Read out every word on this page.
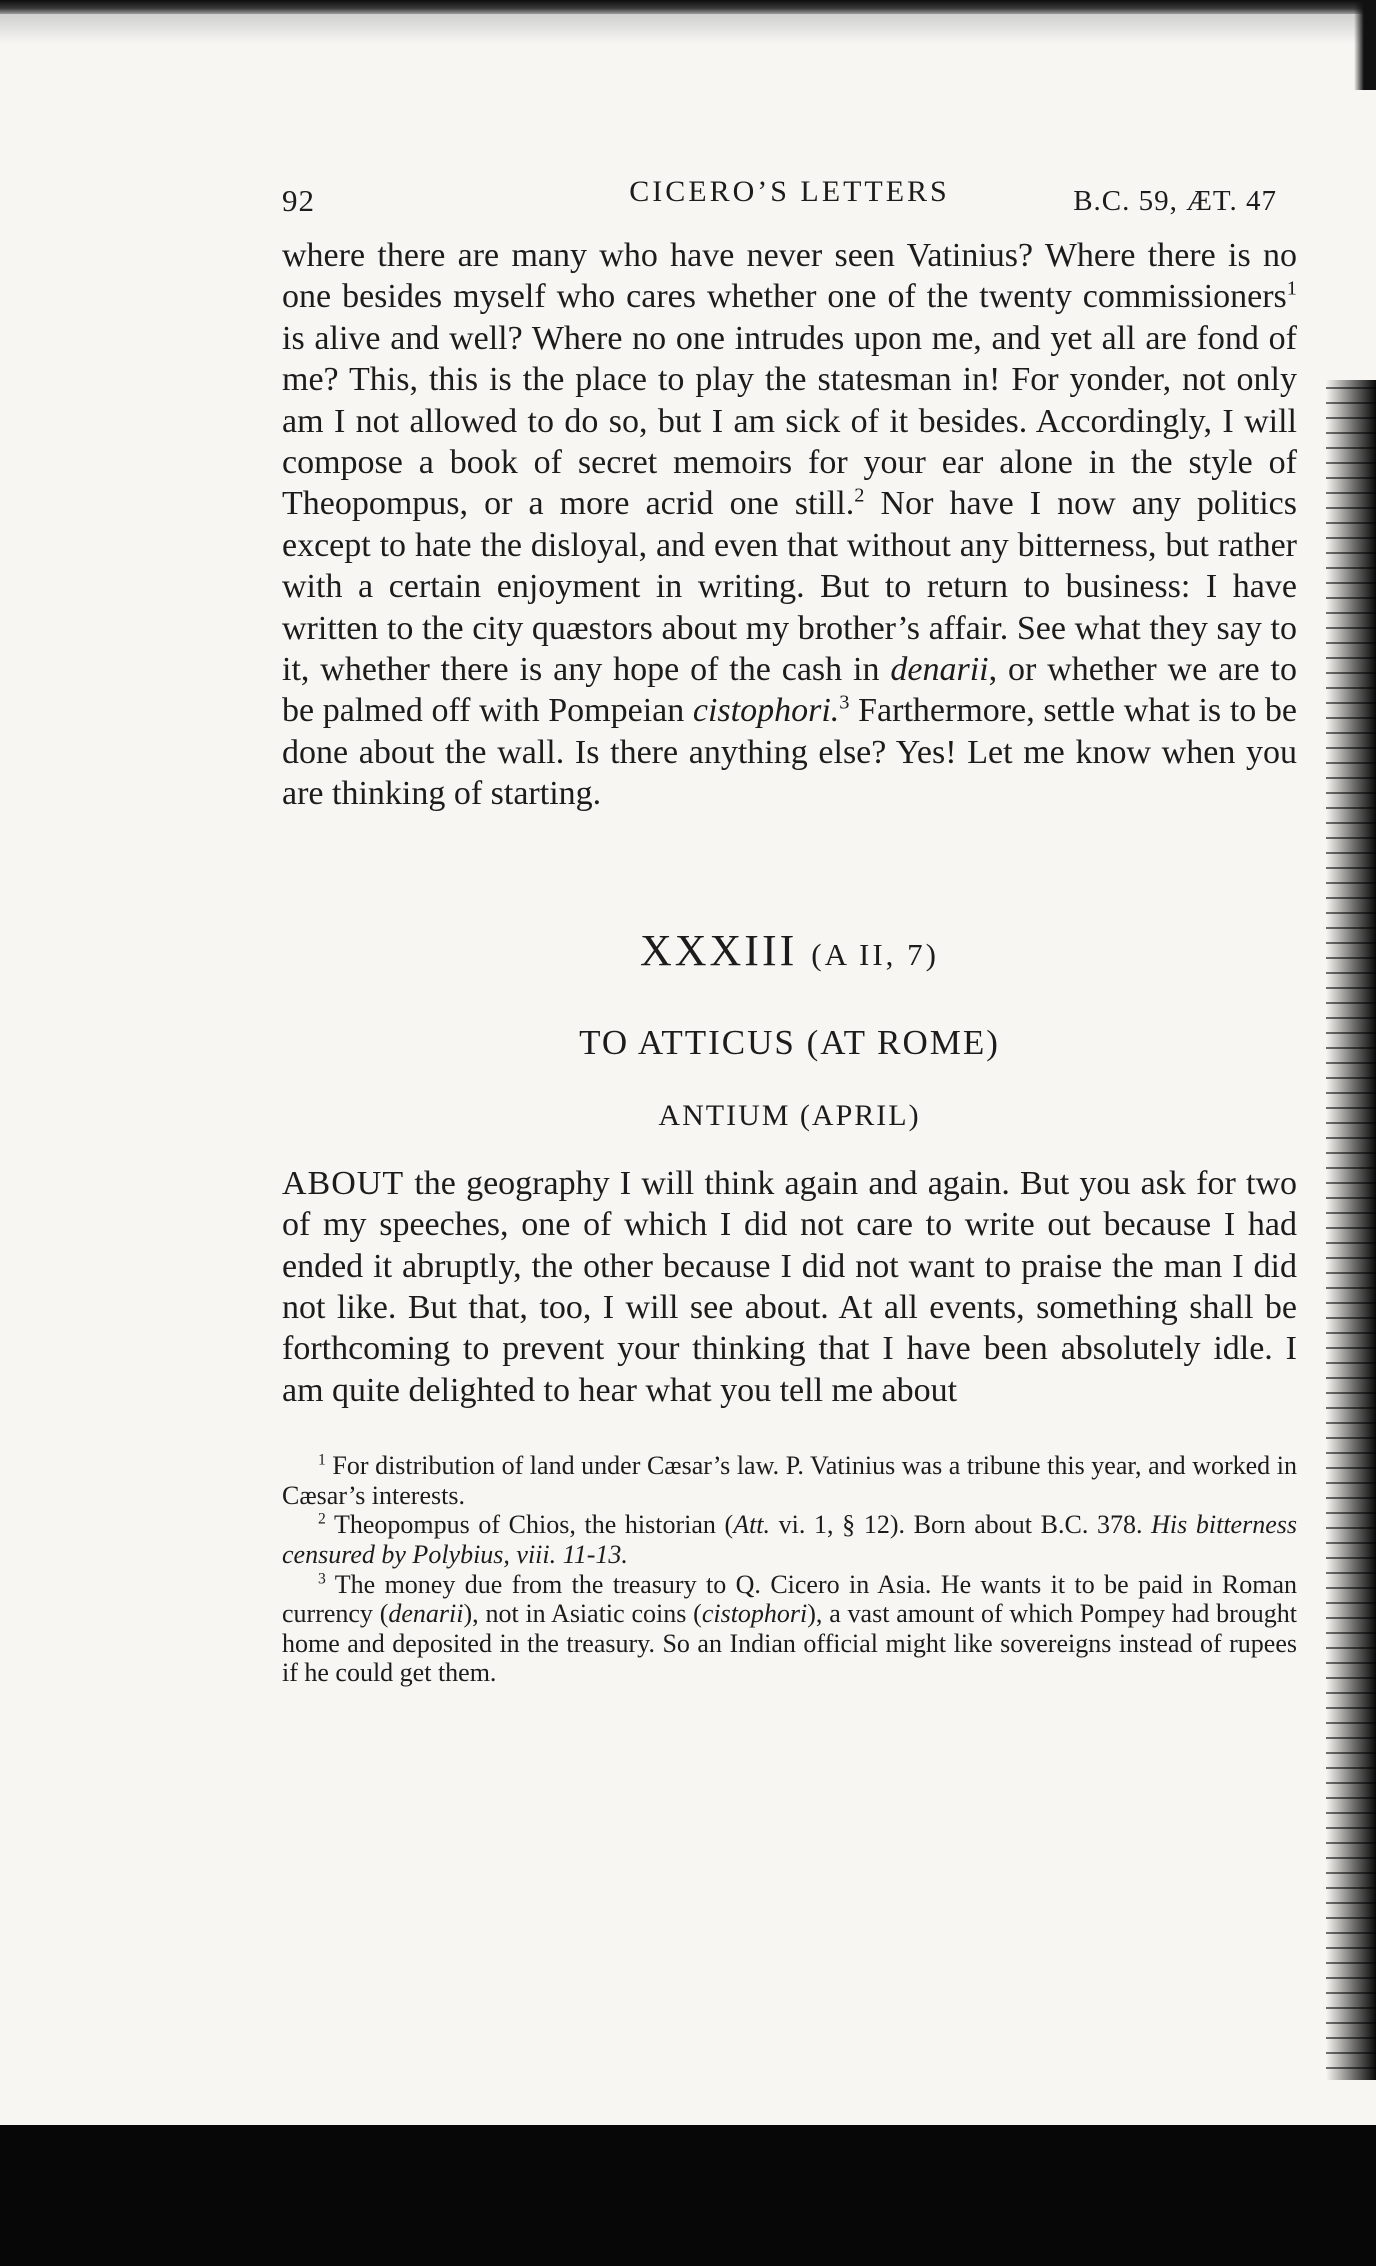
92	CICERO’S LETTERS	B.C. 59, ÆT. 47

where there are many who have never seen Vatinius? Where there is no one besides myself who cares whether one of the twenty commissioners$^1$ is alive and well? Where no one intrudes upon me, and yet all are fond of me? This, this is the place to play the statesman in! For yonder, not only am I not allowed to do so, but I am sick of it besides. Accordingly, I will compose a book of secret memoirs for your ear alone in the style of Theopompus, or a more acrid one still.$^2$ Nor have I now any politics except to hate the disloyal, and even that without any bitterness, but rather with a certain enjoyment in writing. But to return to business: I have written to the city quæstors about my brother’s affair. See what they say to it, whether there is any hope of the cash in denarii, or whether we are to be palmed off with Pompeian cistophori.$^3$ Farthermore, settle what is to be done about the wall. Is there anything else? Yes! Let me know when you are thinking of starting.

XXXIII (A II, 7)
TO ATTICUS (AT ROME)
ANTIUM (APRIL)

ABOUT the geography I will think again and again. But you ask for two of my speeches, one of which I did not care to write out because I had ended it abruptly, the other because I did not want to praise the man I did not like. But that, too, I will see about. At all events, something shall be forthcoming to prevent your thinking that I have been absolutely idle. I am quite delighted to hear what you tell me about

$^1$ For distribution of land under Cæsar’s law. P. Vatinius was a tribune this year, and worked in Cæsar’s interests.

$^2$ Theopompus of Chios, the historian (Att. vi. 1, § 12). Born about B.C. 378. His bitterness censured by Polybius, viii. 11-13.

$^3$ The money due from the treasury to Q. Cicero in Asia. He wants it to be paid in Roman currency (denarii), not in Asiatic coins (cistophori), a vast amount of which Pompey had brought home and deposited in the treasury. So an Indian official might like sovereigns instead of rupees if he could get them.
